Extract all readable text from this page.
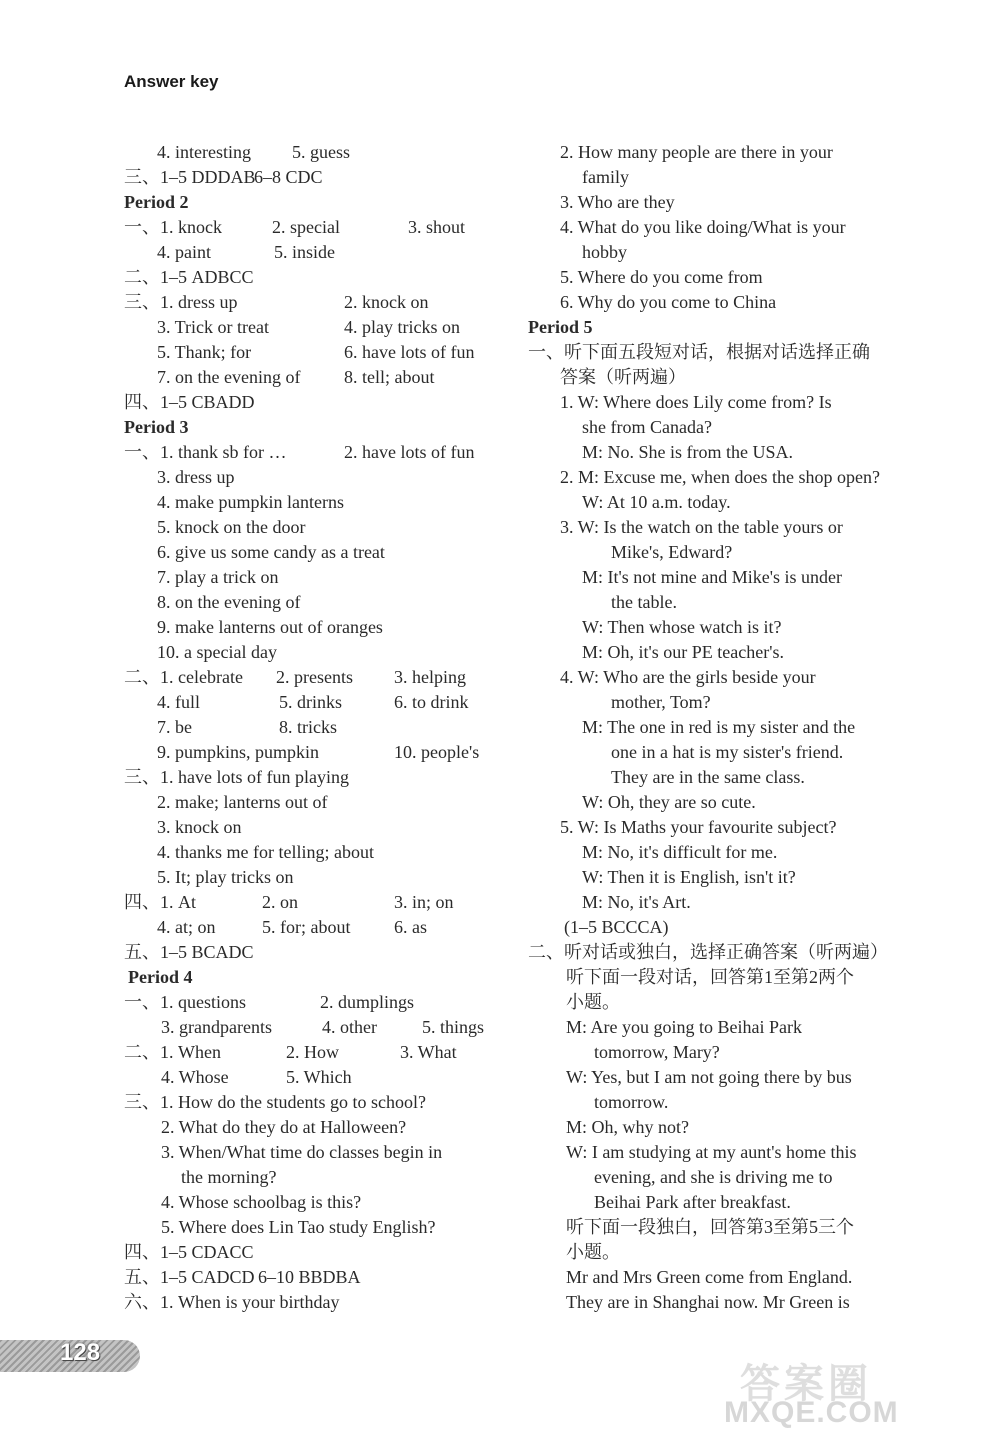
Answer key
4. interesting 5. guess
三、1–5 DDDAB
6–8 CDC
Period 2
一、1. knock	2. special	3. shout
4. paint	5. inside
二、1–5 ADBCC
三、1. dress up	2. knock on
3. Trick or treat	4. play tricks on
5. Thank; for	6. have lots of fun
7. on the evening of 8. tell; about
四、1–5 CBADD
Period 3
一、1. thank sb for …	2. have lots of fun
3. dress up
4. make pumpkin lanterns
5. knock on the door
6. give us some candy as a treat
7. play a trick on
8. on the evening of
9. make lanterns out of oranges
10. a special day
二、1. celebrate 2. presents 3. helping
4. full	5. drinks	6. to drink
7. be	8. tricks
9. pumpkins, pumpkin	10. people's
三、1. have lots of fun playing
2. make; lanterns out of
3. knock on
4. thanks me for telling; about
5. It; play tricks on
四、1. At	2. on	3. in; on
4. at; on	5. for; about 6. as
五、1–5 BCADC
Period 4
一、1. questions	2. dumplings
3. grandparents	4. other	5. things
二、1. When	2. How	3. What
4. Whose	5. Which
三、1. How do the students go to school?
2. What do they do at Halloween?
3. When/What time do classes begin in
the morning?
4. Whose schoolbag is this?
5. Where does Lin Tao study English?
四、1–5 CDACC
五、1–5 CADCD 6–10 BBDBA
六、1. When is your birthday
2. How many people are there in your
family
3. Who are they
4. What do you like doing/What is your
hobby
5. Where do you come from
6. Why do you come to China
Period 5
一、听下面五段短对话，根据对话选择正确
答案（听两遍）
1. W: Where does Lily come from? Is
she from Canada?
M: No. She is from the USA.
2. M: Excuse me, when does the shop open?
W: At 10 a.m. today.
3. W: Is the watch on the table yours or
Mike's, Edward?
M: It's not mine and Mike's is under
the table.
W: Then whose watch is it?
M: Oh, it's our PE teacher's.
4. W: Who are the girls beside your
mother, Tom?
M: The one in red is my sister and the
one in a hat is my sister's friend.
They are in the same class.
W: Oh, they are so cute.
5. W: Is Maths your favourite subject?
M: No, it's difficult for me.
W: Then it is English, isn't it?
M: No, it's Art.
(1–5 BCCCA)
二、听对话或独白，选择正确答案（听两遍）
听下面一段对话，回答第1至第2两个
小题。
M: Are you going to Beihai Park
tomorrow, Mary?
W: Yes, but I am not going there by bus
tomorrow.
M: Oh, why not?
W: I am studying at my aunt's home this
evening, and she is driving me to
Beihai Park after breakfast.
听下面一段独白，回答第3至第5三个
小题。
Mr and Mrs Green come from England.
They are in Shanghai now. Mr Green is
128
答案圈
MXQE.COM
